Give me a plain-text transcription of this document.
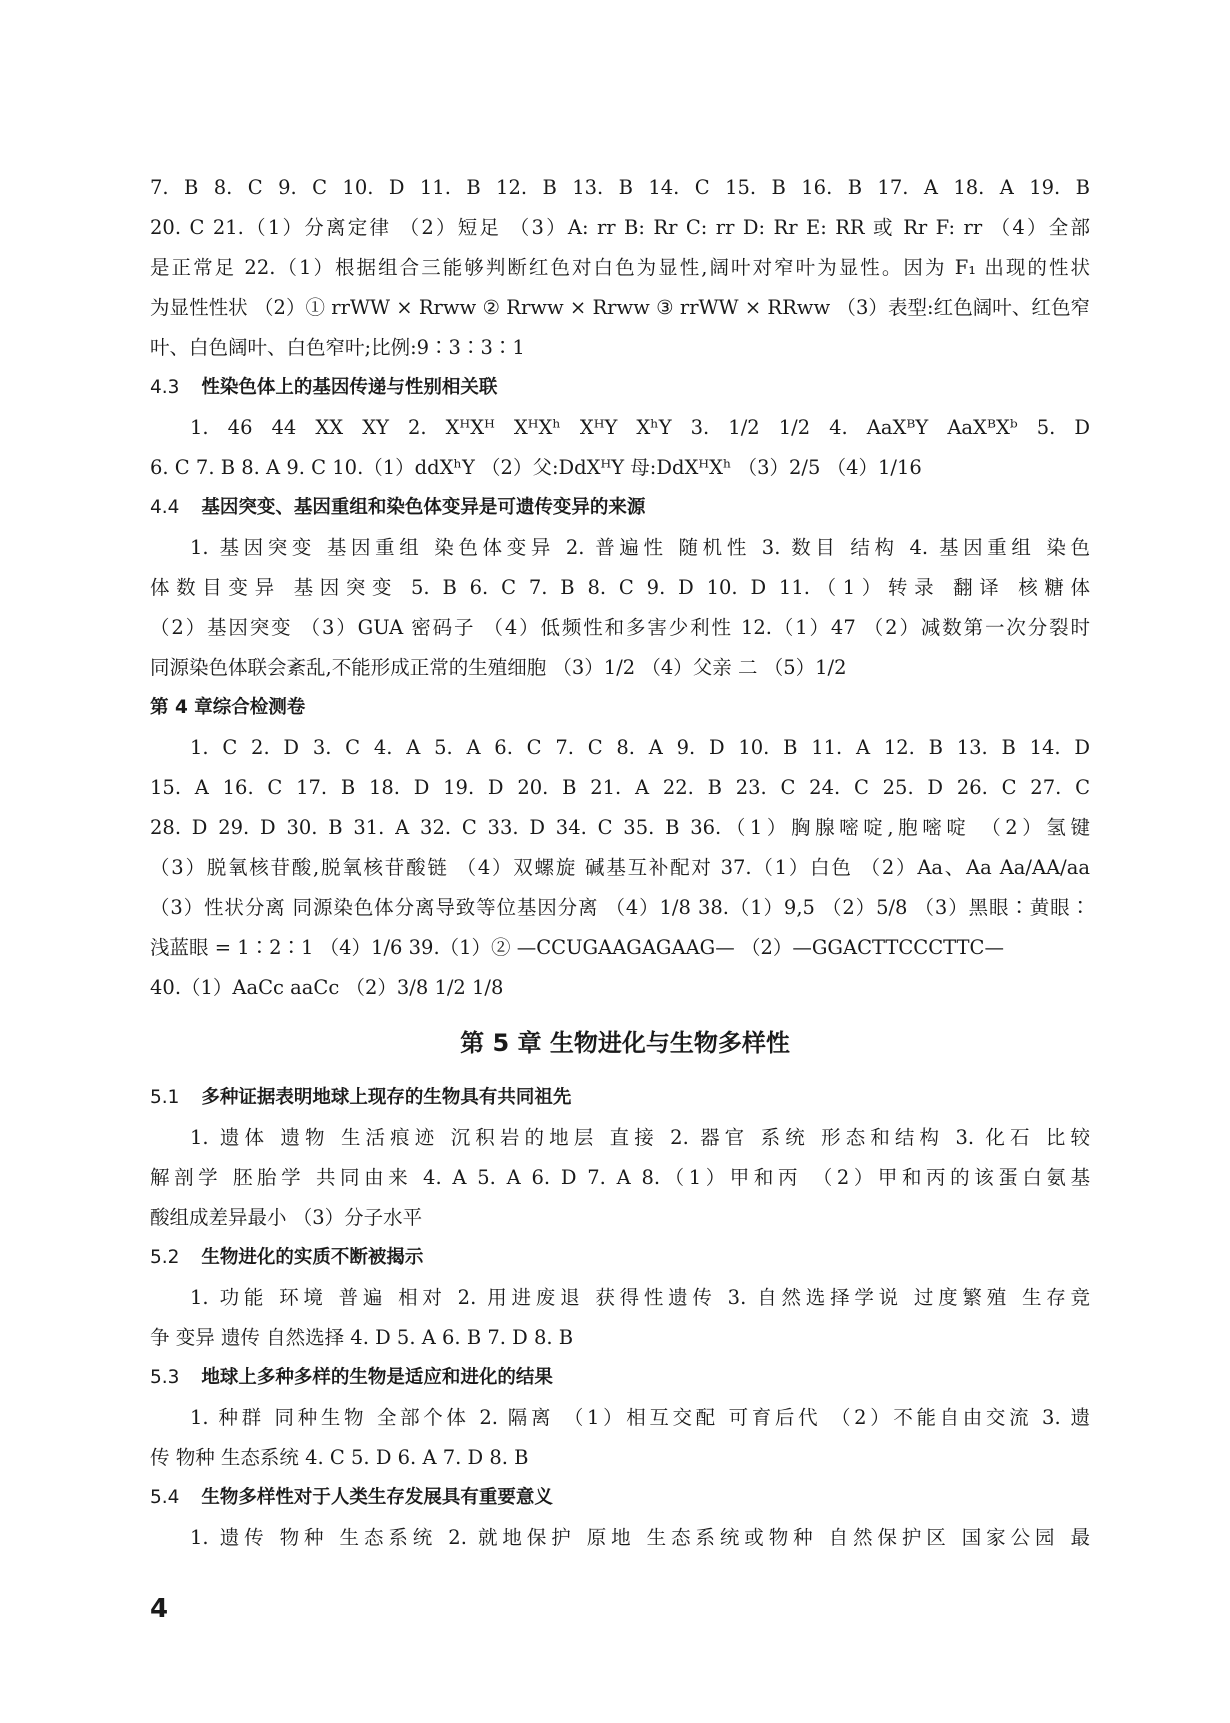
7. B 8. C 9. C 10. D 11. B 12. B 13. B 14. C 15. B 16. B 17. A 18. A 19. B
20. C 21.（1）分离定律 （2）短足 （3）A: rr B: Rr C: rr D: Rr E: RR 或 Rr F: rr （4）全部
是正常足 22.（1）根据组合三能够判断红色对白色为显性,阔叶对窄叶为显性。因为 F₁ 出现的性状
为显性性状 （2）① rrWW × Rrww ② Rrww × Rrww ③ rrWW × RRww （3）表型:红色阔叶、红色窄
叶、白色阔叶、白色窄叶;比例:9∶3∶3∶1
4.3 性染色体上的基因传递与性别相关联
1. 46 44 XX XY 2. XᴴXᴴ XᴴXʰ XᴴY XʰY 3. 1/2 1/2 4. AaXᴮY AaXᴮXᵇ 5. D
6. C 7. B 8. A 9. C 10.（1）ddXʰY （2）父:DdXᴴY 母:DdXᴴXʰ （3）2/5 （4）1/16
4.4 基因突变、基因重组和染色体变异是可遗传变异的来源
1. 基因突变 基因重组 染色体变异 2. 普遍性 随机性 3. 数目 结构 4. 基因重组 染色
体数目变异 基因突变 5. B 6. C 7. B 8. C 9. D 10. D 11.（1）转录 翻译 核糖体
（2）基因突变 （3）GUA 密码子 （4）低频性和多害少利性 12.（1）47 （2）减数第一次分裂时
同源染色体联会紊乱,不能形成正常的生殖细胞 （3）1/2 （4）父亲 二 （5）1/2
第 4 章综合检测卷
1. C 2. D 3. C 4. A 5. A 6. C 7. C 8. A 9. D 10. B 11. A 12. B 13. B 14. D
15. A 16. C 17. B 18. D 19. D 20. B 21. A 22. B 23. C 24. C 25. D 26. C 27. C
28. D 29. D 30. B 31. A 32. C 33. D 34. C 35. B 36.（1）胸腺嘧啶,胞嘧啶 （2）氢键
（3）脱氧核苷酸,脱氧核苷酸链 （4）双螺旋 碱基互补配对 37.（1）白色 （2）Aa、Aa Aa/AA/aa
（3）性状分离 同源染色体分离导致等位基因分离 （4）1/8 38.（1）9,5 （2）5/8 （3）黑眼∶黄眼∶
浅蓝眼 = 1∶2∶1 （4）1/6 39.（1）② —CCUGAAGAGAAG— （2）—GGACTTCCCTTC—
40.（1）AaCc aaCc （2）3/8 1/2 1/8
第 5 章 生物进化与生物多样性
5.1 多种证据表明地球上现存的生物具有共同祖先
1. 遗体 遗物 生活痕迹 沉积岩的地层 直接 2. 器官 系统 形态和结构 3. 化石 比较
解剖学 胚胎学 共同由来 4. A 5. A 6. D 7. A 8.（1）甲和丙 （2）甲和丙的该蛋白氨基
酸组成差异最小 （3）分子水平
5.2 生物进化的实质不断被揭示
1. 功能 环境 普遍 相对 2. 用进废退 获得性遗传 3. 自然选择学说 过度繁殖 生存竞
争 变异 遗传 自然选择 4. D 5. A 6. B 7. D 8. B
5.3 地球上多种多样的生物是适应和进化的结果
1. 种群 同种生物 全部个体 2. 隔离 （1）相互交配 可育后代 （2）不能自由交流 3. 遗
传 物种 生态系统 4. C 5. D 6. A 7. D 8. B
5.4 生物多样性对于人类生存发展具有重要意义
1. 遗传 物种 生态系统 2. 就地保护 原地 生态系统或物种 自然保护区 国家公园 最
4
